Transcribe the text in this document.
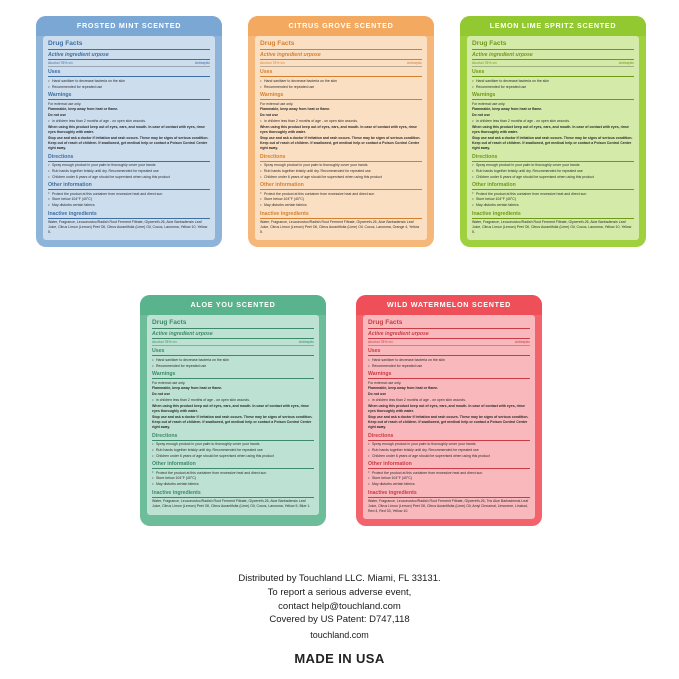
FROSTED MINT SCENTED
Drug Facts
Active ingredient urpose
Alcohol 78% v/v	Antiseptic
Uses
• Hand sanitizer to decrease bacteria on the skin
• Recommended for repeated use
Warnings
For external use only.
Flammable, keep away from heat or flame.
Do not use
• in children less than 2 months of age - on open skin wounds.
When using this product keep out of eyes, ears, and mouth. In case of contact with eyes, rinse eyes thoroughly with water.
Stop use and ask a doctor if irritation and rash occurs. These may be signs of serious condition.
Keep out of reach of children. If swallowed, get medical help or contact a Poison Control Center right away.
Directions
• Spray enough product in your palm to thoroughly cover your hands
• Rub hands together briskly until dry. Recommended for repeated use
• Children under 6 years of age should be supervised when using this product
Other information
• Protect the product at this container from excessive heat and direct sun
• Store below 104°F (40°C)
• May disturbs certain fabrics
Inactive ingredients
Water, Fragrance, Leuconostoc/Radish Root Ferment Filtrate, Glycereth-26, Aloe Barbadensis Leaf Juice, Citrus Limon (Lemon) Peel Oil, Citrus Aurantifolia (Lime) Oil, Cocos, Lanosma, Yellow 10, Yellow 5.
CITRUS GROVE SCENTED
Drug Facts
Active ingredient urpose
Alcohol 78% v/v	Antiseptic
Uses
• Hand sanitizer to decrease bacteria on the skin
• Recommended for repeated use
Warnings
For external use only.
Flammable, keep away from heat or flame.
Do not use
• in children less than 2 months of age - on open skin wounds.
When using this product keep out of eyes, ears, and mouth. In case of contact with eyes, rinse eyes thoroughly with water.
Stop use and ask a doctor if irritation and rash occurs. These may be signs of serious condition.
Keep out of reach of children. If swallowed, get medical help or contact a Poison Control Center right away.
Directions
• Spray enough product in your palm to thoroughly cover your hands
• Rub hands together briskly until dry. Recommended for repeated use
• Children under 6 years of age should be supervised when using this product
Other information
• Protect the product at this container from excessive heat and direct sun
• Store below 104°F (40°C)
• May disturbs certain fabrics
Inactive ingredients
Water, Fragrance, Leuconostoc/Radish Root Ferment Filtrate, Glycereth-26, Aloe Barbadensis Leaf Juice, Citrus Limon (Lemon) Peel Oil, Citrus Aurantifolia (Lime) Oil, Cocos, Lanosma, Orange 4, Yellow 5.
LEMON LIME SPRITZ SCENTED
Drug Facts
Active ingredient urpose
Alcohol 78% v/v	Antiseptic
Uses
• Hand sanitizer to decrease bacteria on the skin
• Recommended for repeated use
Warnings
For external use only.
Flammable, keep away from heat or flame.
Do not use
• in children less than 2 months of age - on open skin wounds.
When using this product keep out of eyes, ears, and mouth. In case of contact with eyes, rinse eyes thoroughly with water.
Stop use and ask a doctor if irritation and rash occurs. These may be signs of serious condition.
Keep out of reach of children. If swallowed, get medical help or contact a Poison Control Center right away.
Directions
• Spray enough product in your palm to thoroughly cover your hands
• Rub hands together briskly until dry. Recommended for repeated use
• Children under 6 years of age should be supervised when using this product
Other information
• Protect the product at this container from excessive heat and direct sun
• Store below 104°F (40°C)
• May disturbs certain fabrics
Inactive ingredients
Water, Fragrance, Leuconostoc/Radish Root Ferment Filtrate, Glycereth-26, Aloe Barbadensis Leaf Juice, Citrus Limon (Lemon) Peel Oil, Citrus Aurantifolia (Lime) Oil, Cocos, Lanosma, Yellow 10, Yellow 5.
ALOE YOU SCENTED
Drug Facts
Active ingredient urpose
Alcohol 78% v/v	Antiseptic
Uses
• Hand sanitizer to decrease bacteria on the skin
• Recommended for repeated use
Warnings
For external use only.
Flammable, keep away from heat or flame.
Do not use
• in children less than 2 months of age - on open skin wounds.
When using this product keep out of eyes, ears, and mouth. In case of contact with eyes, rinse eyes thoroughly with water.
Stop use and ask a doctor if irritation and rash occurs. These may be signs of serious condition.
Keep out of reach of children. If swallowed, get medical help or contact a Poison Control Center right away.
Directions
• Spray enough product in your palm to thoroughly cover your hands
• Rub hands together briskly until dry. Recommended for repeated use
• Children under 6 years of age should be supervised when using this product
Other information
• Protect the product at this container from excessive heat and direct sun
• Store below 104°F (40°C)
• May disturbs certain fabrics
Inactive ingredients
Water, Fragrance, Leuconostoc/Radish Root Ferment Filtrate, Glycereth-26, Aloe Barbadensis Leaf Juice, Citrus Limon (Lemon) Peel Oil, Citrus Aurantifolia (Lime) Oil, Cocos, Lanosma, Yellow 5, Blue 1.
WILD WATERMELON SCENTED
Drug Facts
Active ingredient urpose
Alcohol 78% v/v	Antiseptic
Uses
• Hand sanitizer to decrease bacteria on the skin
• Recommended for repeated use
Warnings
For external use only.
Flammable, keep away from heat or flame.
Do not use
• in children less than 2 months of age - on open skin wounds.
When using this product keep out of eyes, ears, and mouth. In case of contact with eyes, rinse eyes thoroughly with water.
Stop use and ask a doctor if irritation and rash occurs. These may be signs of serious condition.
Keep out of reach of children. If swallowed, get medical help or contact a Poison Control Center right away.
Directions
• Spray enough product in your palm to thoroughly cover your hands
• Rub hands together briskly until dry. Recommended for repeated use
• Children under 6 years of age should be supervised when using this product
Other information
• Protect the product at this container from excessive heat and direct sun
• Store below 104°F (40°C)
• May disturbs certain fabrics
Inactive ingredients
Water, Fragrance, Leuconostoc/Radish Root Ferment Filtrate, Glycereth-26, Tris Aloe Barbadensis Leaf Juice, Citrus Limon (Lemon) Peel Oil, Citrus Aurantifolia (Lime) Oil, Amyl Cinnamal, Limonene, Linalool, Red 4, Red 33, Yellow 10.
Distributed by Touchland LLC. Miami, FL 33131.
To report a serious adverse event,
contact help@touchland.com
Covered by US Patent: D747,118
touchland.com
MADE IN USA
